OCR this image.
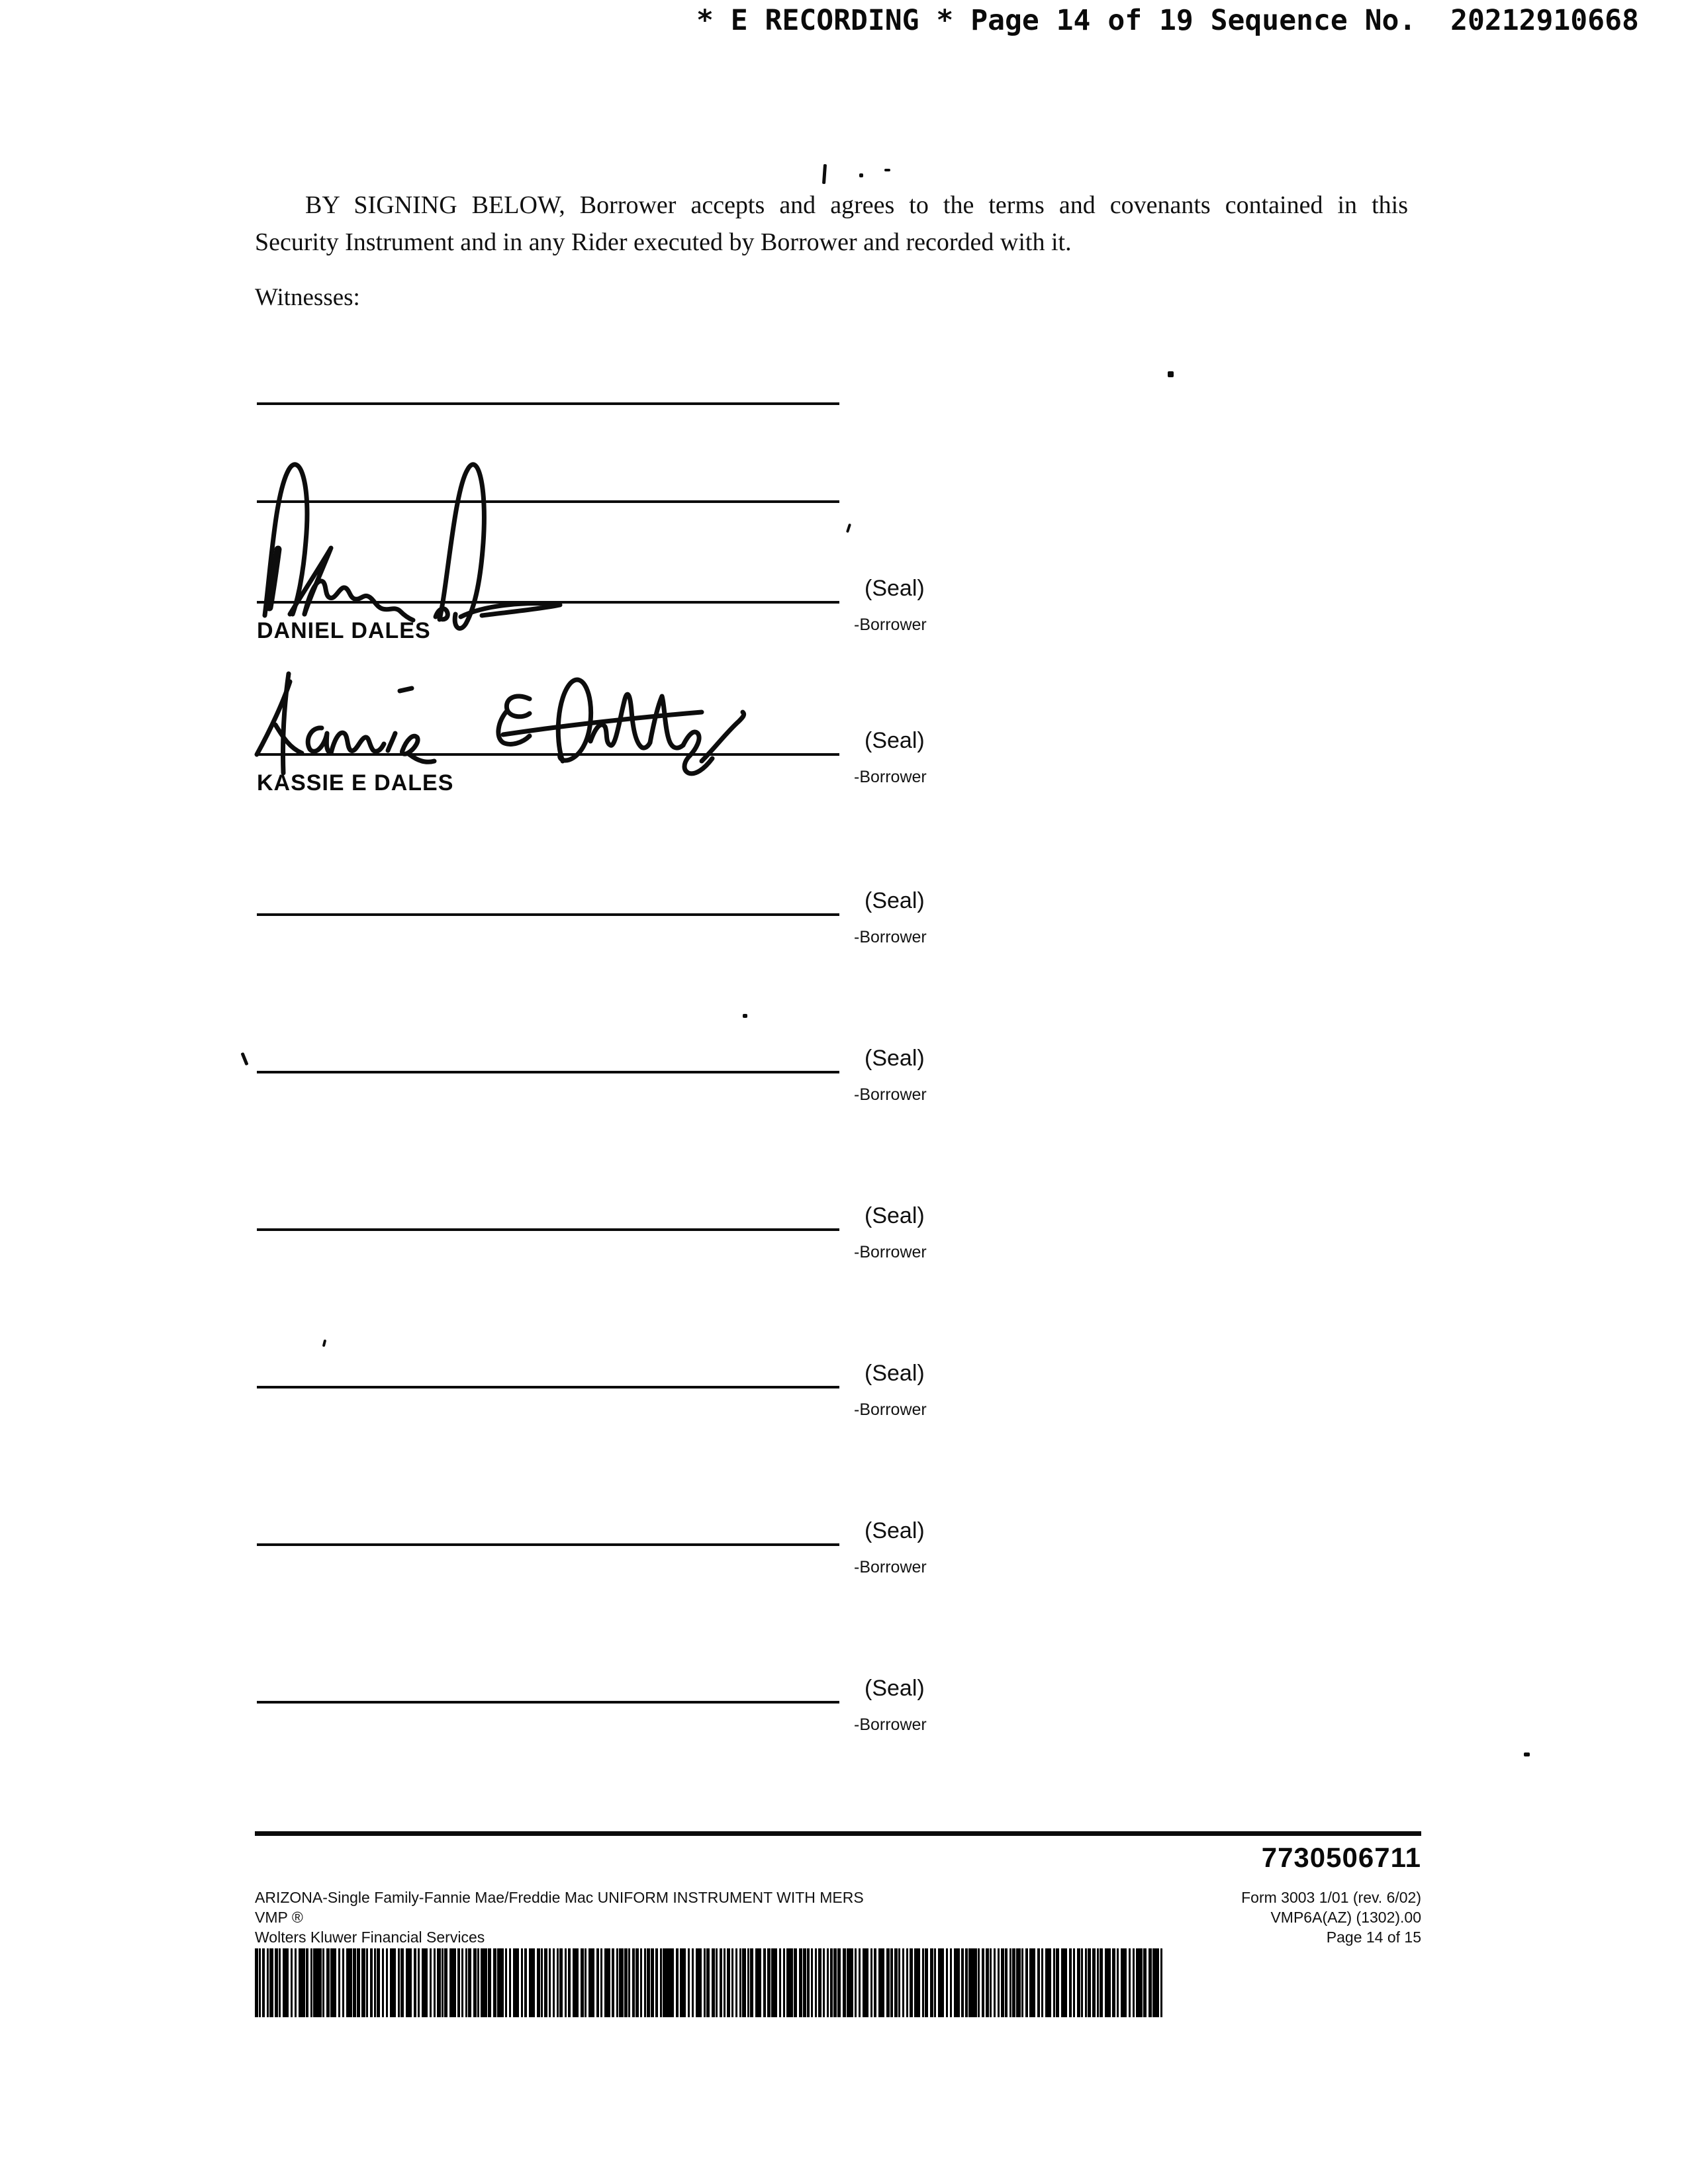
* E RECORDING * Page 14 of 19 Sequence No.  20212910668
BY SIGNING BELOW, Borrower accepts and agrees to the terms and covenants contained in this
Security Instrument and in any Rider executed by Borrower and recorded with it.
Witnesses:
(Seal)
-Borrower
DANIEL DALES
(Seal)
-Borrower
KASSIE E DALES
(Seal)
-Borrower
(Seal)
-Borrower
(Seal)
-Borrower
(Seal)
-Borrower
(Seal)
-Borrower
(Seal)
-Borrower
7730506711
ARIZONA-Single Family-Fannie Mae/Freddie Mac UNIFORM INSTRUMENT WITH MERS
VMP ®
Wolters Kluwer Financial Services
Form 3003 1/01 (rev. 6/02)
VMP6A(AZ) (1302).00
Page 14 of 15
